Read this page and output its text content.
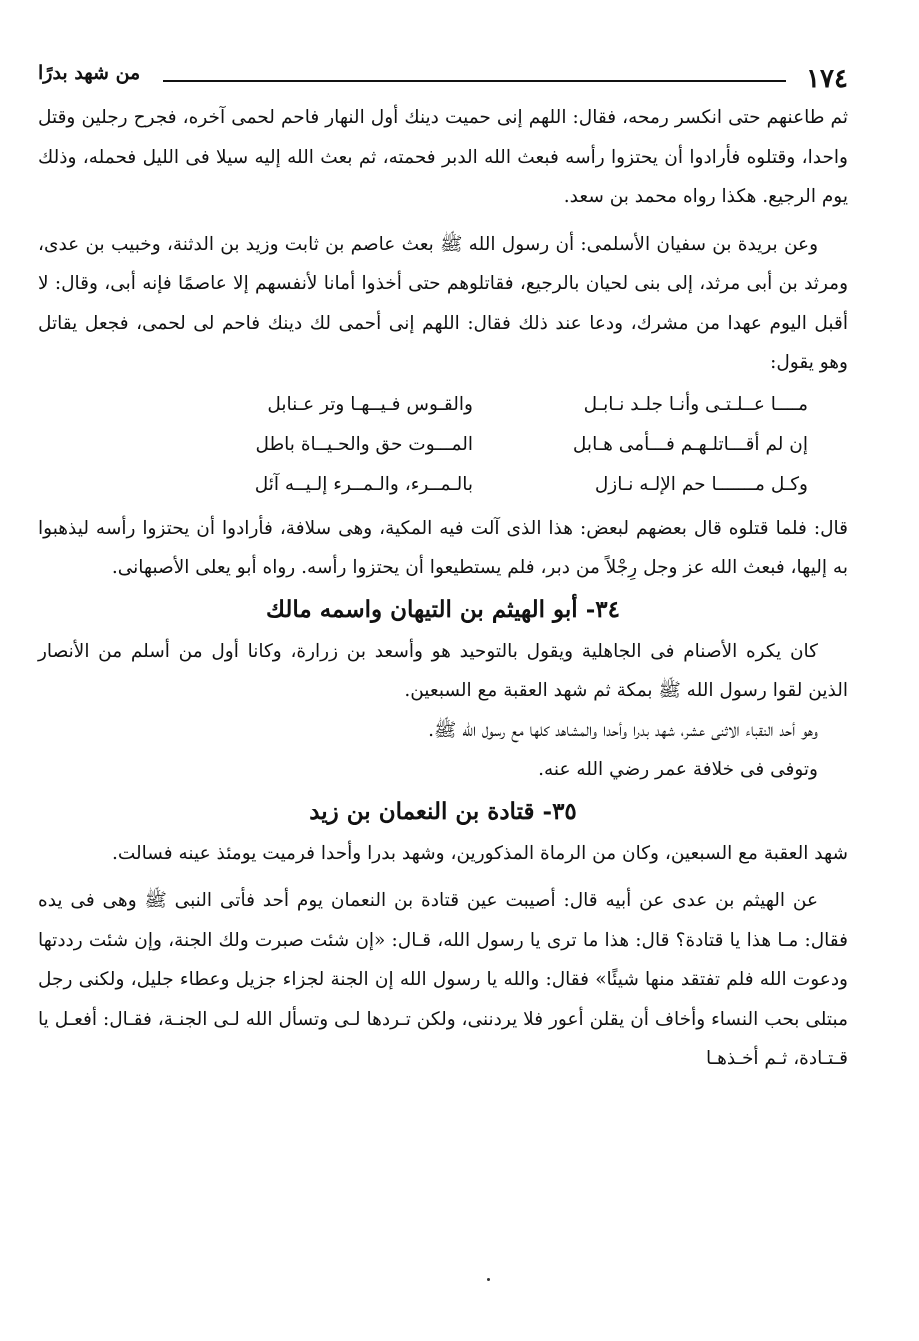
١٧٤
من شهد بدرًا

ثم طاعنهم حتى انكسر رمحه، فقال: اللهم إنى حميت دينك أول النهار فاحم لحمى آخره، فجرح رجلين وقتل واحدا، وقتلوه فأرادوا أن يحتزوا رأسه فبعث الله الدبر فحمته، ثم بعث الله إليه سيلا فى الليل فحمله، وذلك يوم الرجيع. هكذا رواه محمد بن سعد.

وعن بريدة بن سفيان الأسلمى: أن رسول الله ﷺ بعث عاصم بن ثابت وزيد بن الدثنة، وخبيب بن عدى، ومرثد بن أبى مرثد، إلى بنى لحيان بالرجيع، فقاتلوهم حتى أخذوا أمانا لأنفسهم إلا عاصمًا فإنه أبى، وقال: لا أقبل اليوم عهدا من مشرك، ودعا عند ذلك فقال: اللهم إنى أحمى لك دينك فاحم لى لحمى، فجعل يقاتل وهو يقول:

مــــا عــلـتـى وأنـا جلـد نـابـل
والقـوس فـيــهـا وتر عـنابل
إن لم أقـــاتلـهـم فـــأمى هـابل
المـــوت حق والحـيــاة باطل
وكـل مـــــــا حم الإلـه نـازل
بالـمــرء، والـمــرء إلـيــه آئل

قال: فلما قتلوه قال بعضهم لبعض: هذا الذى آلت فيه المكية، وهى سلافة، فأرادوا أن يحتزوا رأسه ليذهبوا به إليها، فبعث الله عز وجل رِجْلاً من دبر، فلم يستطيعوا أن يحتزوا رأسه. رواه أبو يعلى الأصبهانى.

٣٤- أبو الهيثم بن التيهان واسمه مالك

كان يكره الأصنام فى الجاهلية ويقول بالتوحيد هو وأسعد بن زرارة، وكانا أول من أسلم من الأنصار الذين لقوا رسول الله ﷺ بمكة ثم شهد العقبة مع السبعين.

وهو أحد النقباء الاثنى عشر، شهد بدرا وأحدا والمشاهد كلها مع رسول الله ﷺ.

وتوفى فى خلافة عمر رضي الله عنه.

٣٥- قتادة بن النعمان بن زيد

شهد العقبة مع السبعين، وكان من الرماة المذكورين، وشهد بدرا وأحدا فرميت يومئذ عينه فسالت.

عن الهيثم بن عدى عن أبيه قال: أصيبت عين قتادة بن النعمان يوم أحد فأتى النبى ﷺ وهى فى يده فقال: مـا هذا يا قتادة؟ قال: هذا ما ترى يا رسول الله، قـال: «إن شئت صبرت ولك الجنة، وإن شئت رددتها ودعوت الله فلم تفتقد منها شيئًا» فقال: والله يا رسول الله إن الجنة لجزاء جزيل وعطاء جليل، ولكنى رجل مبتلى بحب النساء وأخاف أن يقلن أعور فلا يردننى، ولكن تـردها لـى وتسأل الله لـى الجنـة، فقـال: أفعـل يا قـتـادة، ثـم أخـذهـا
